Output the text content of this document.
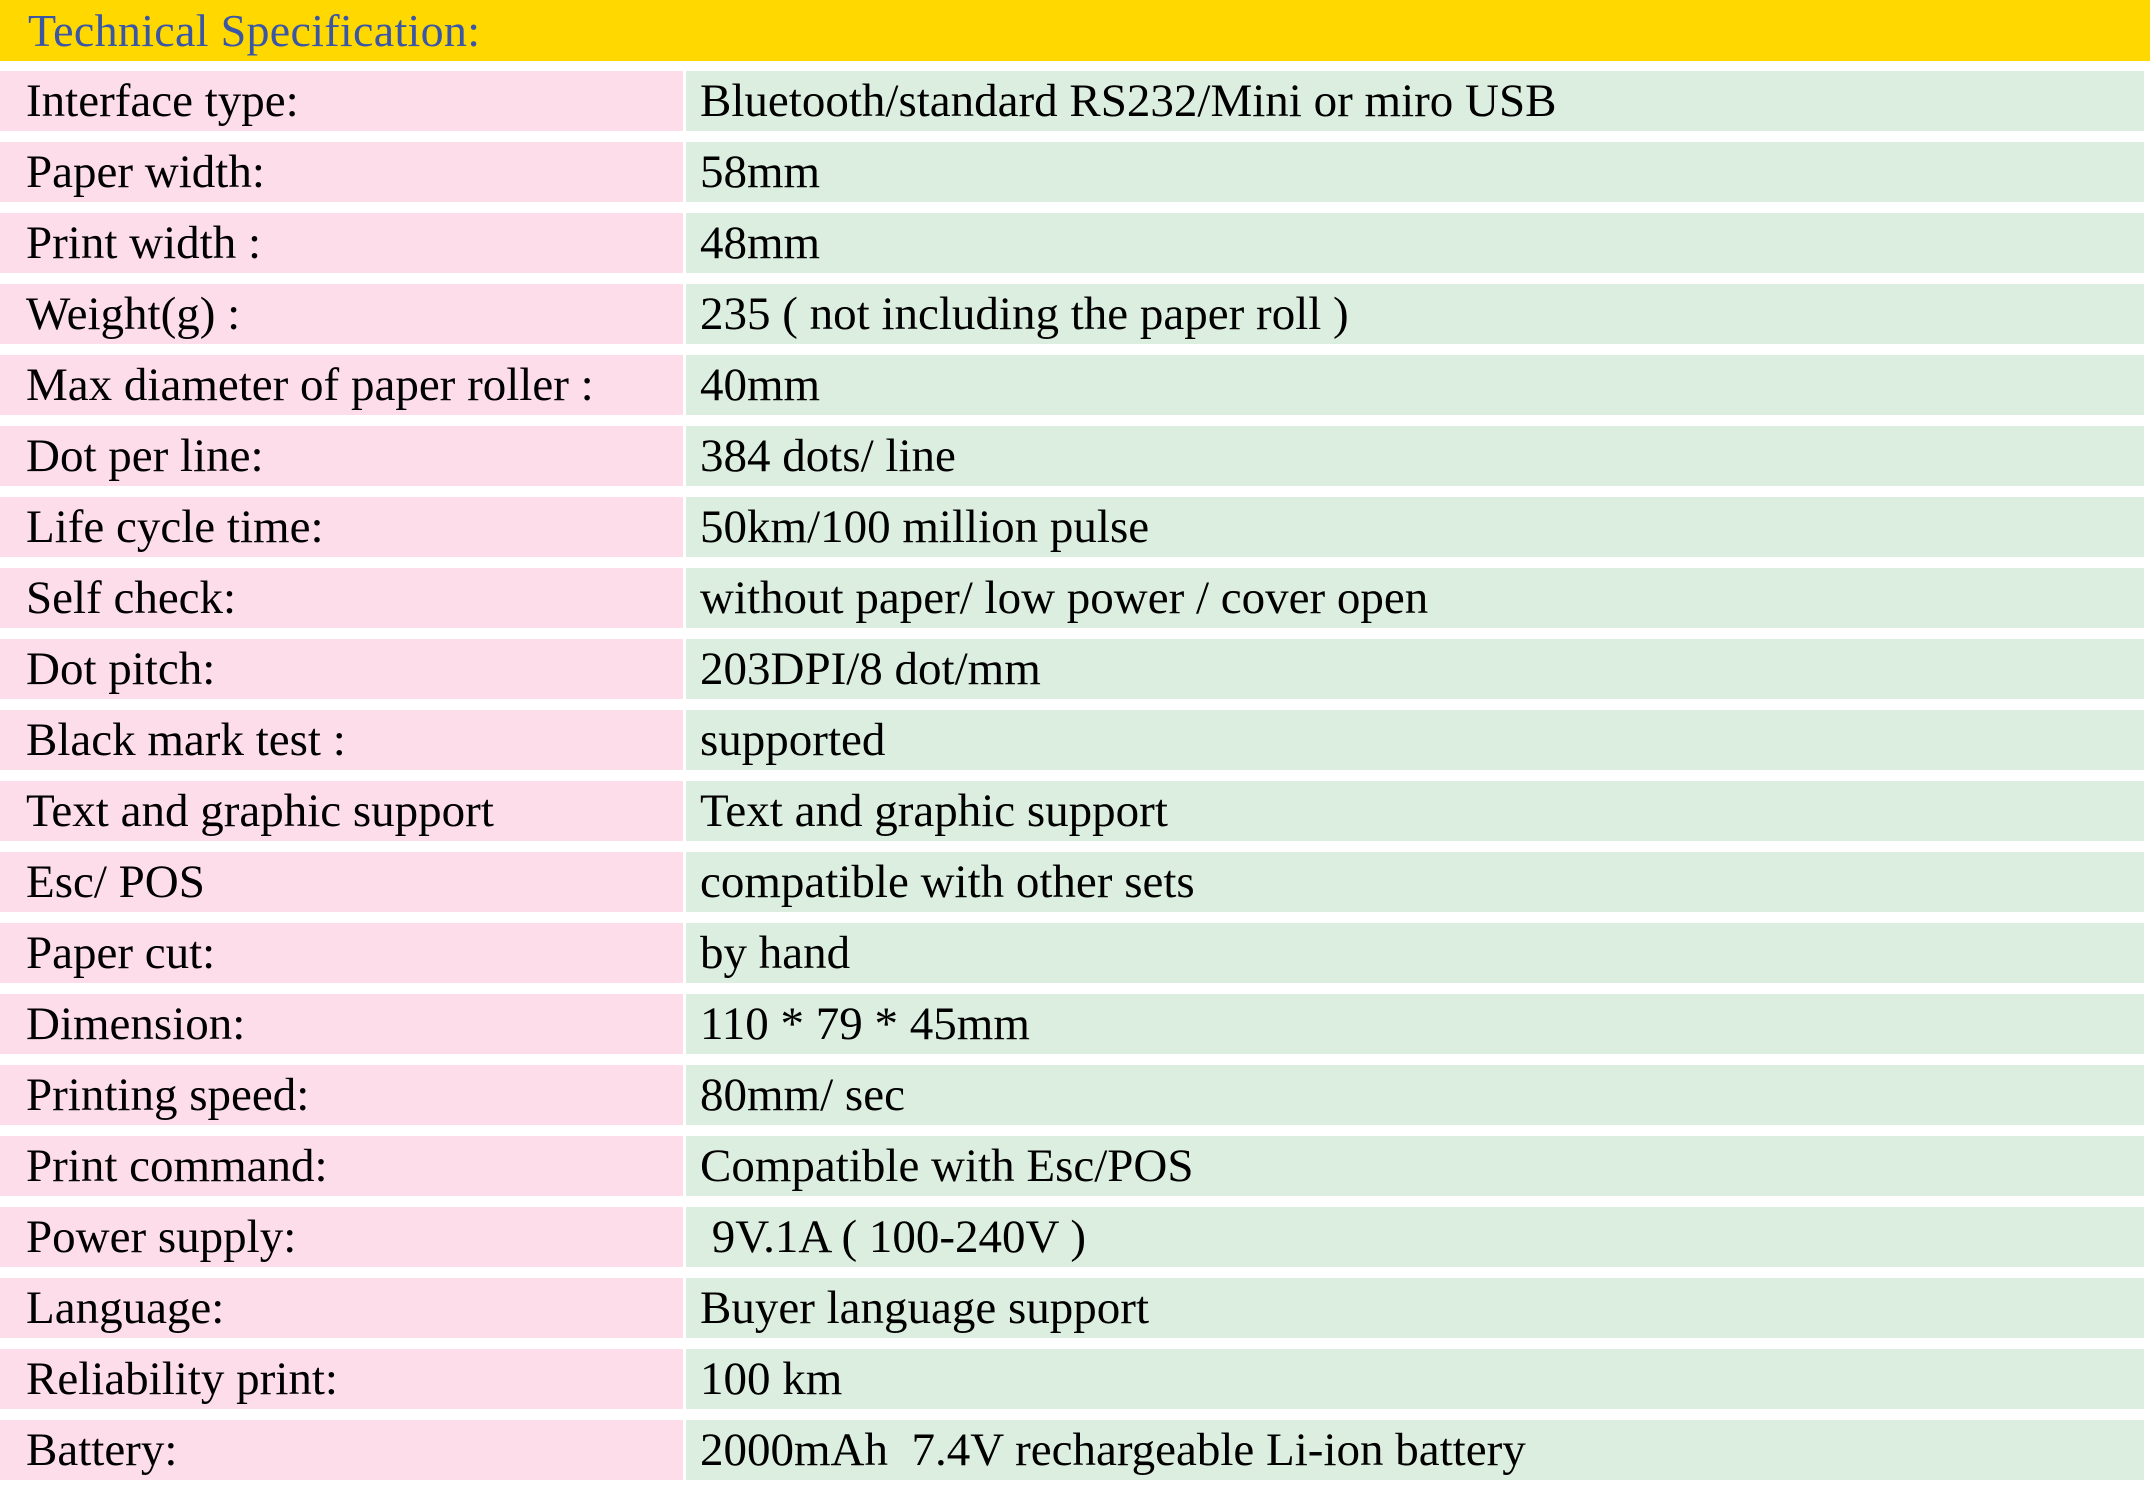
Technical Specification:
Interface type:	Bluetooth/standard RS232/Mini or miro USB
Paper width:	58mm
Print width :	48mm
Weight(g) :	235 ( not including the paper roll )
Max diameter of paper roller :	40mm
Dot per line:	384 dots/ line
Life cycle time:	50km/100 million pulse
Self check:	without paper/ low power / cover open
Dot pitch:	203DPI/8 dot/mm
Black mark test :	supported
Text and graphic support	Text and graphic support
Esc/ POS	compatible with other sets
Paper cut:	by hand
Dimension:	110 * 79 * 45mm
Printing speed:	80mm/ sec
Print command:	Compatible with Esc/POS
Power supply:	9V.1A ( 100-240V )
Language:	Buyer language support
Reliability print:	100 km
Battery:	2000mAh  7.4V rechargeable Li-ion battery
